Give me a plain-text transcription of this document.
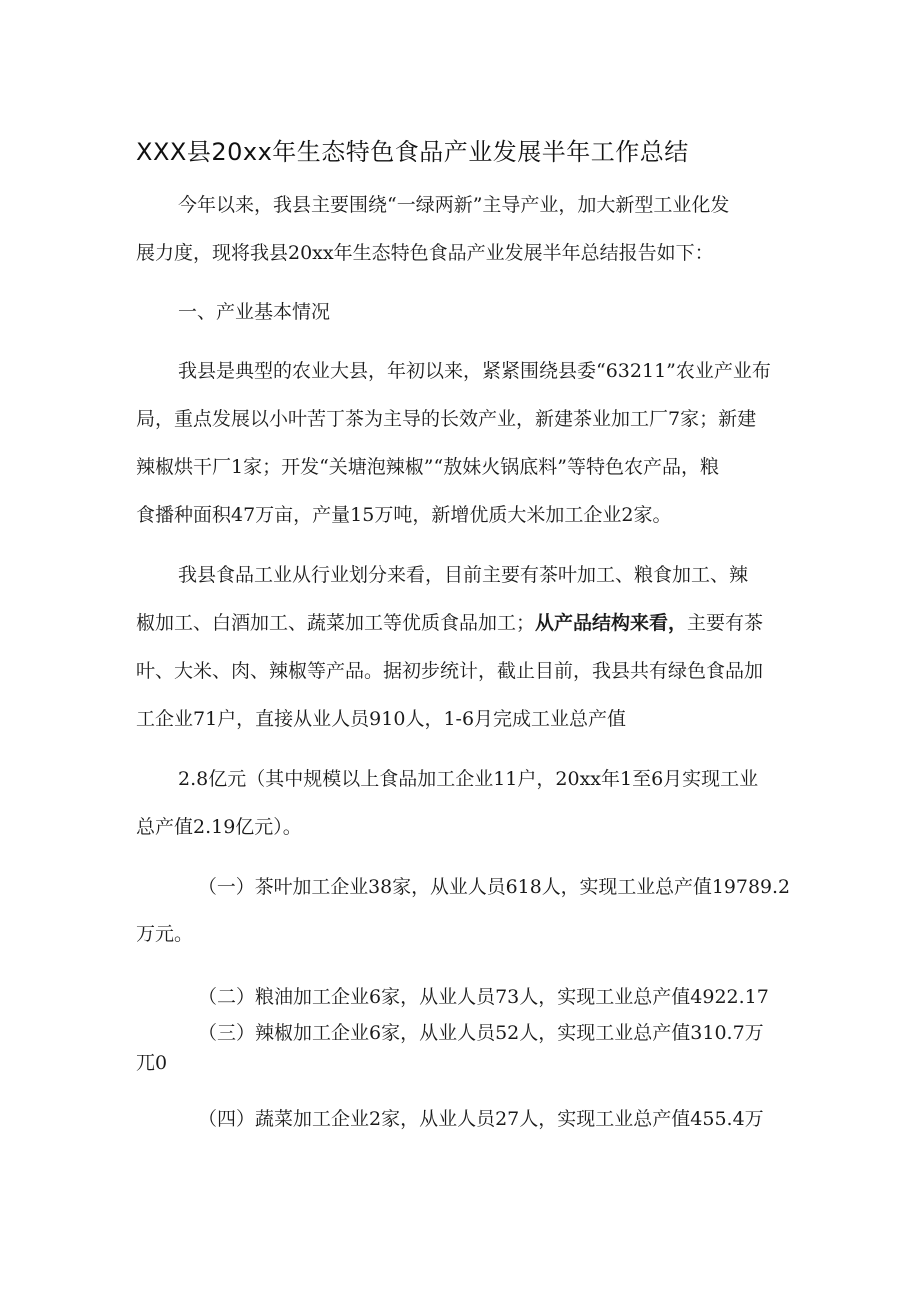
XXX县20xx年生态特色食品产业发展半年工作总结
今年以来，我县主要围绕“一绿两新”主导产业，加大新型工业化发
展力度，现将我县20xx年生态特色食品产业发展半年总结报告如下：
一、产业基本情况
我县是典型的农业大县，年初以来，紧紧围绕县委“63211”农业产业布
局，重点发展以小叶苦丁茶为主导的长效产业，新建茶业加工厂7家；新建
辣椒烘干厂1家；开发“关塘泡辣椒”“敖妹火锅底料”等特色农产品，粮
食播种面积47万亩，产量15万吨，新增优质大米加工企业2家。
我县食品工业从行业划分来看，目前主要有茶叶加工、粮食加工、辣
椒加工、白酒加工、蔬菜加工等优质食品加工；从产品结构来看，主要有茶
叶、大米、肉、辣椒等产品。据初步统计，截止目前，我县共有绿色食品加
工企业71户，直接从业人员910人，1-6月完成工业总产值
2.8亿元（其中规模以上食品加工企业11户，20xx年1至6月实现工业
总产值2.19亿元）。
（一）茶叶加工企业38家，从业人员618人，实现工业总产值19789.2
万元。
（二）粮油加工企业6家，从业人员73人，实现工业总产值4922.17
（三）辣椒加工企业6家，从业人员52人，实现工业总产值310.7万
兀0
（四）蔬菜加工企业2家，从业人员27人，实现工业总产值455.4万
